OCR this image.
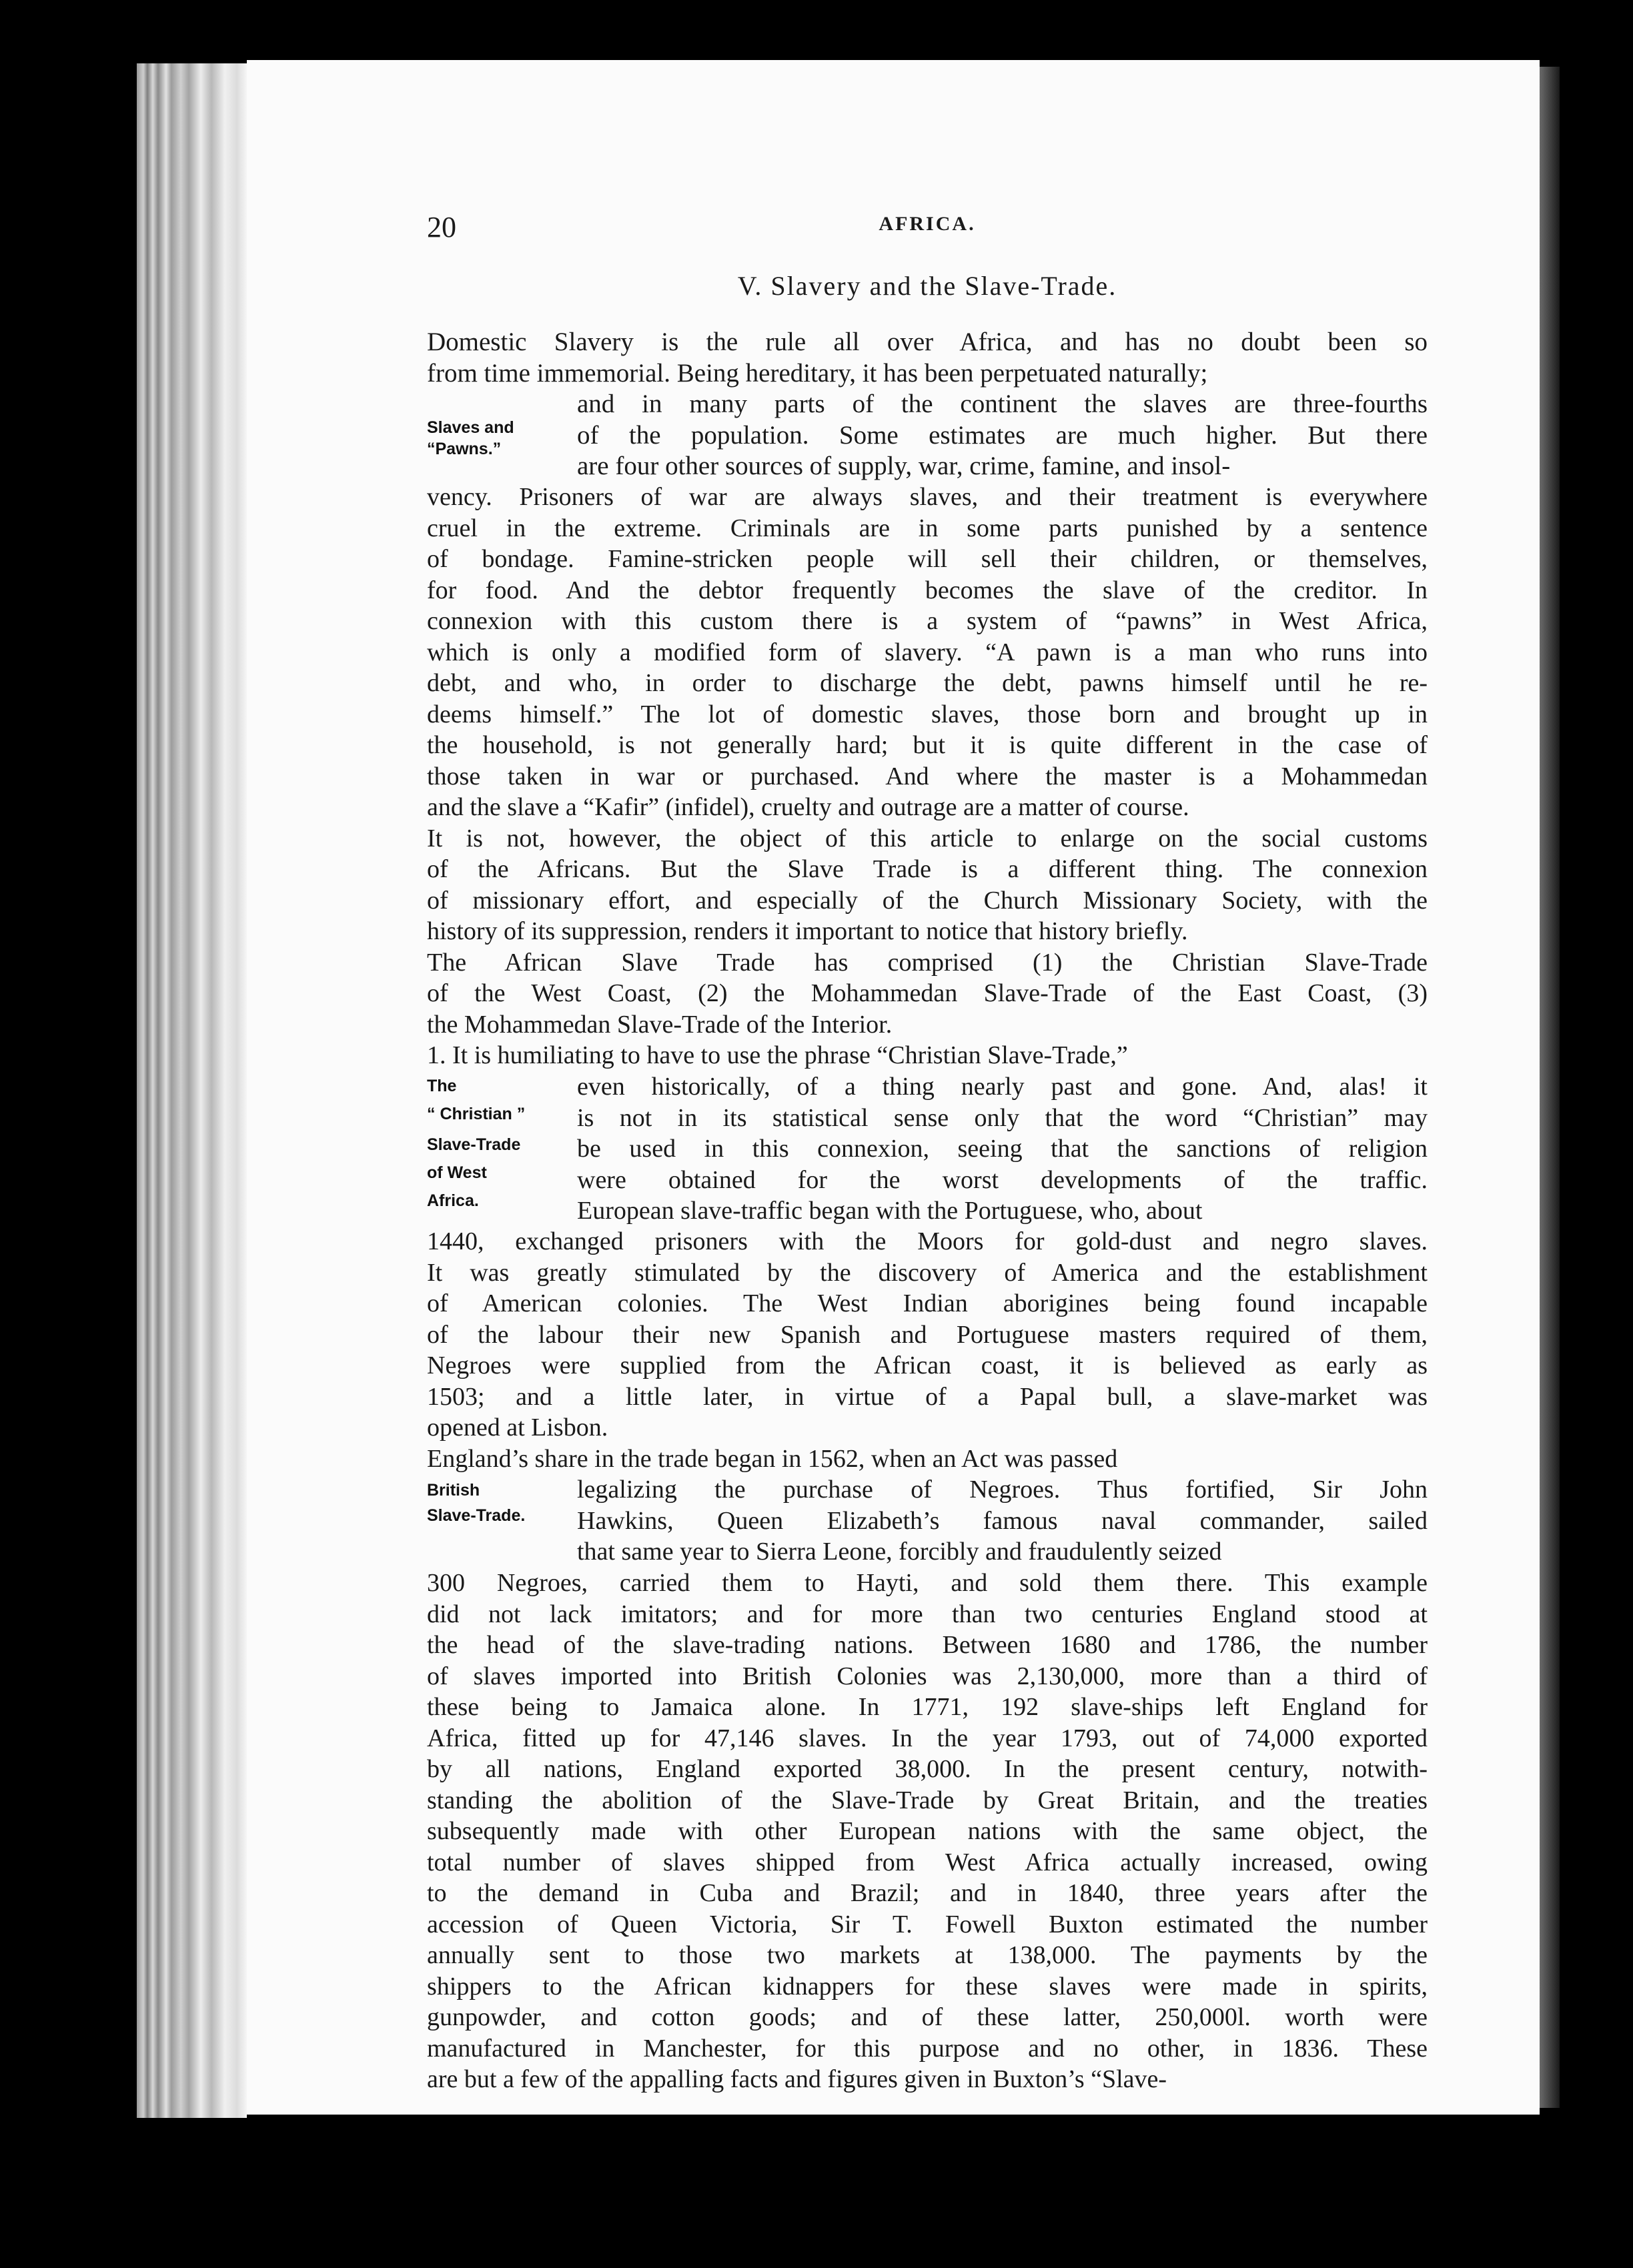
20	AFRICA.
V. Slavery and the Slave-Trade.
Domestic Slavery is the rule all over Africa, and has no doubt been so
from time immemorial. Being hereditary, it has been perpetuated naturally;
and in many parts of the continent the slaves are three-fourths
of the population. Some estimates are much higher. But there
are four other sources of supply, war, crime, famine, and insol-
vency. Prisoners of war are always slaves, and their treatment is everywhere
cruel in the extreme. Criminals are in some parts punished by a sentence
of bondage. Famine-stricken people will sell their children, or themselves,
for food. And the debtor frequently becomes the slave of the creditor. In
connexion with this custom there is a system of “pawns” in West Africa,
which is only a modified form of slavery. “A pawn is a man who runs into
debt, and who, in order to discharge the debt, pawns himself until he re-
deems himself.” The lot of domestic slaves, those born and brought up in
the household, is not generally hard; but it is quite different in the case of
those taken in war or purchased. And where the master is a Mohammedan
and the slave a “Kafir” (infidel), cruelty and outrage are a matter of course.
It is not, however, the object of this article to enlarge on the social customs
of the Africans. But the Slave Trade is a different thing. The connexion
of missionary effort, and especially of the Church Missionary Society, with the
history of its suppression, renders it important to notice that history briefly.
The African Slave Trade has comprised (1) the Christian Slave-Trade
of the West Coast, (2) the Mohammedan Slave-Trade of the East Coast, (3)
the Mohammedan Slave-Trade of the Interior.
1. It is humiliating to have to use the phrase “Christian Slave-Trade,”
even historically, of a thing nearly past and gone. And, alas! it
is not in its statistical sense only that the word “Christian” may
be used in this connexion, seeing that the sanctions of religion
were obtained for the worst developments of the traffic.
European slave-traffic began with the Portuguese, who, about
1440, exchanged prisoners with the Moors for gold-dust and negro slaves.
It was greatly stimulated by the discovery of America and the establishment
of American colonies. The West Indian aborigines being found incapable
of the labour their new Spanish and Portuguese masters required of them,
Negroes were supplied from the African coast, it is believed as early as
1503; and a little later, in virtue of a Papal bull, a slave-market was
opened at Lisbon.
England’s share in the trade began in 1562, when an Act was passed
legalizing the purchase of Negroes. Thus fortified, Sir John
Hawkins, Queen Elizabeth’s famous naval commander, sailed
that same year to Sierra Leone, forcibly and fraudulently seized
300 Negroes, carried them to Hayti, and sold them there. This example
did not lack imitators; and for more than two centuries England stood at
the head of the slave-trading nations. Between 1680 and 1786, the number
of slaves imported into British Colonies was 2,130,000, more than a third of
these being to Jamaica alone. In 1771, 192 slave-ships left England for
Africa, fitted up for 47,146 slaves. In the year 1793, out of 74,000 exported
by all nations, England exported 38,000. In the present century, notwith-
standing the abolition of the Slave-Trade by Great Britain, and the treaties
subsequently made with other European nations with the same object, the
total number of slaves shipped from West Africa actually increased, owing
to the demand in Cuba and Brazil; and in 1840, three years after the
accession of Queen Victoria, Sir T. Fowell Buxton estimated the number
annually sent to those two markets at 138,000. The payments by the
shippers to the African kidnappers for these slaves were made in spirits,
gunpowder, and cotton goods; and of these latter, 250,000l. worth were
manufactured in Manchester, for this purpose and no other, in 1836. These
are but a few of the appalling facts and figures given in Buxton’s “Slave-
Slaves and
“Pawns.”
The
“ Christian ”
Slave-Trade
of West
Africa.
British
Slave-Trade.
